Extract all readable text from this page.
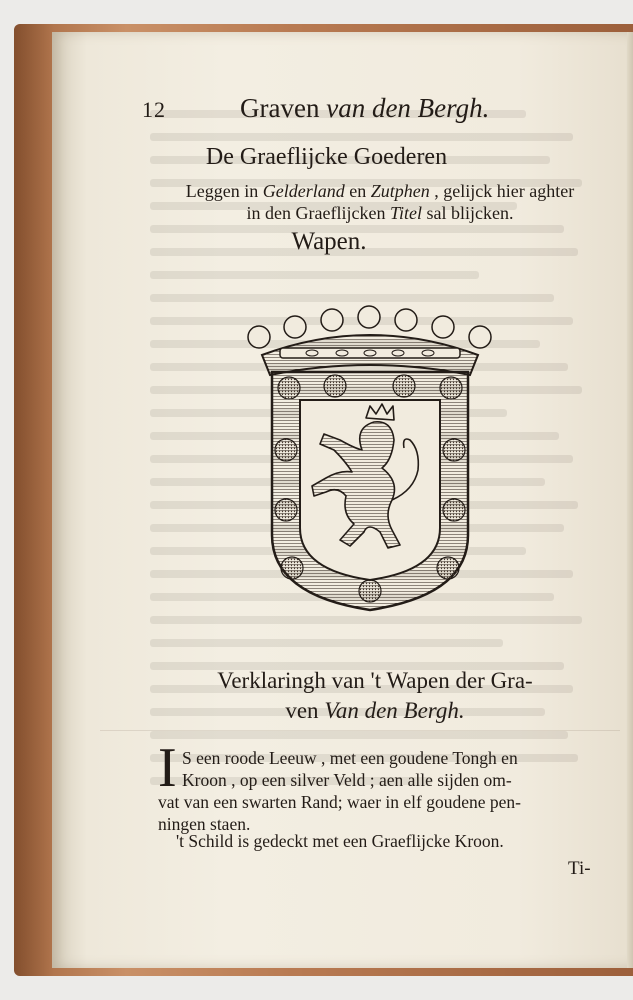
12	Graven van den Bergh.
De Graeflijcke Goederen
Leggen in Gelderland en Zutphen , gelijck hier aghter
in den Graeflijcken Titel sal blijcken.
Wapen.
Verklaringh van 't Wapen der Gra-
ven Van den Bergh.
I S een roode Leeuw , met een goudene Tongh en
Kroon , op een silver Veld ; aen alle sijden om-
vat van een swarten Rand; waer in elf goudene pen-
ningen staen.
't Schild is gedeckt met een Graeflijcke Kroon.
Ti-
